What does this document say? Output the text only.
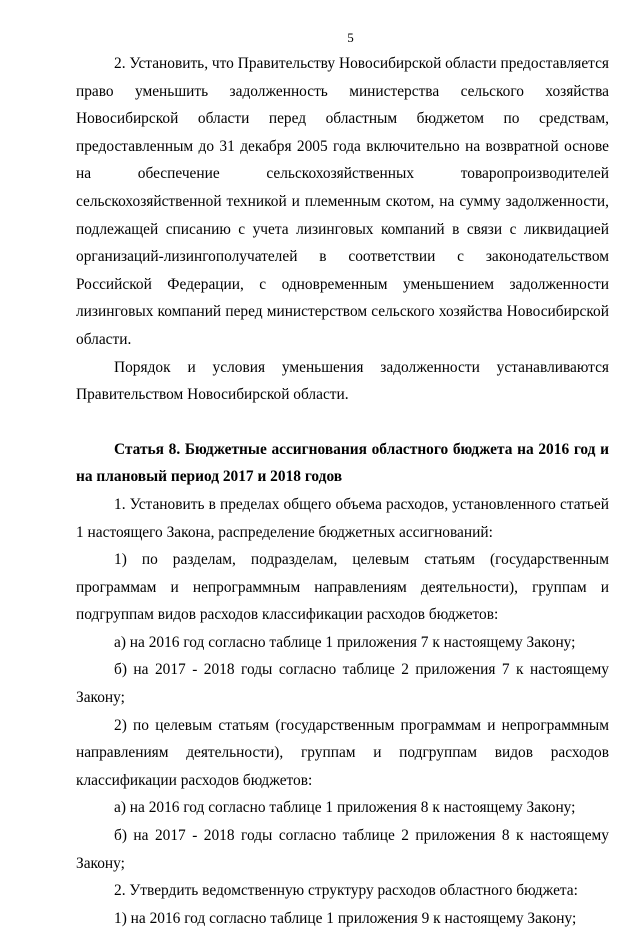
5

2. Установить, что Правительству Новосибирской области предоставляется право уменьшить задолженность министерства сельского хозяйства Новосибирской области перед областным бюджетом по средствам, предоставленным до 31 декабря 2005 года включительно на возвратной основе на обеспечение сельскохозяйственных товаропроизводителей сельскохозяйственной техникой и племенным скотом, на сумму задолженности, подлежащей списанию с учета лизинговых компаний в связи с ликвидацией организаций-лизингополучателей в соответствии с законодательством Российской Федерации, с одновременным уменьшением задолженности лизинговых компаний перед министерством сельского хозяйства Новосибирской области.

Порядок и условия уменьшения задолженности устанавливаются Правительством Новосибирской области.

Статья 8. Бюджетные ассигнования областного бюджета на 2016 год и на плановый период 2017 и 2018 годов

1. Установить в пределах общего объема расходов, установленного статьей 1 настоящего Закона, распределение бюджетных ассигнований:

1) по разделам, подразделам, целевым статьям (государственным программам и непрограммным направлениям деятельности), группам и подгруппам видов расходов классификации расходов бюджетов:

а) на 2016 год согласно таблице 1 приложения 7 к настоящему Закону;

б) на 2017 - 2018 годы согласно таблице 2 приложения 7 к настоящему Закону;

2) по целевым статьям (государственным программам и непрограммным направлениям деятельности), группам и подгруппам видов расходов классификации расходов бюджетов:

а) на 2016 год согласно таблице 1 приложения 8 к настоящему Закону;

б) на 2017 - 2018 годы согласно таблице 2 приложения 8 к настоящему Закону;

2. Утвердить ведомственную структуру расходов областного бюджета:

1) на 2016 год согласно таблице 1 приложения 9 к настоящему Закону;
